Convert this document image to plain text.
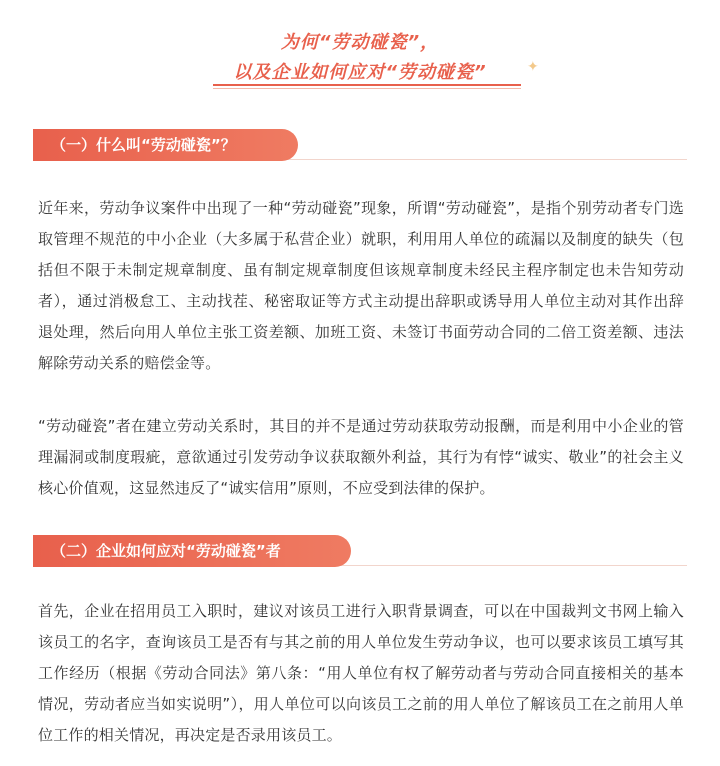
为何“劳动碰瓷”，
以及企业如何应对“劳动碰瓷”	✦
（一）什么叫“劳动碰瓷”？
近年来，劳动争议案件中出现了一种“劳动碰瓷”现象，所谓“劳动碰瓷”，是指个别劳动者专门选取管理不规范的中小企业（大多属于私营企业）就职，利用用人单位的疏漏以及制度的缺失（包括但不限于未制定规章制度、虽有制定规章制度但该规章制度未经民主程序制定也未告知劳动者），通过消极怠工、主动找茬、秘密取证等方式主动提出辞职或诱导用人单位主动对其作出辞退处理，然后向用人单位主张工资差额、加班工资、未签订书面劳动合同的二倍工资差额、违法解除劳动关系的赔偿金等。
“劳动碰瓷”者在建立劳动关系时，其目的并不是通过劳动获取劳动报酬，而是利用中小企业的管理漏洞或制度瑕疵，意欲通过引发劳动争议获取额外利益，其行为有悖“诚实、敬业”的社会主义核心价值观，这显然违反了“诚实信用”原则，不应受到法律的保护。
（二）企业如何应对“劳动碰瓷”者
首先，企业在招用员工入职时，建议对该员工进行入职背景调查，可以在中国裁判文书网上输入该员工的名字，查询该员工是否有与其之前的用人单位发生劳动争议，也可以要求该员工填写其工作经历（根据《劳动合同法》第八条：“用人单位有权了解劳动者与劳动合同直接相关的基本情况，劳动者应当如实说明”），用人单位可以向该员工之前的用人单位了解该员工在之前用人单位工作的相关情况，再决定是否录用该员工。
